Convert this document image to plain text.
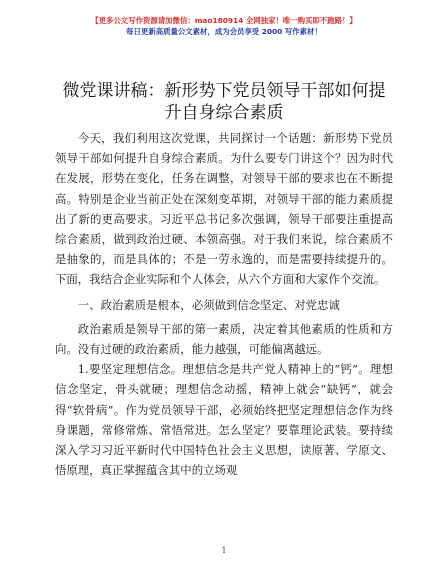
【更多公文写作资源请加微信：mao180914 全网独家！唯一购买即不跑路！】
每日更新高质量公文素材，成为会员享受 2000 写作素材！
微党课讲稿：新形势下党员领导干部如何提升自身综合素质

今天，我们利用这次党课，共同探讨一个话题：新形势下党员领导干部如何提升自身综合素质。为什么要专门讲这个？因为时代在发展，形势在变化，任务在调整，对领导干部的要求也在不断提高。特别是企业当前正处在深刻变革期，对领导干部的能力素质提出了新的更高要求。习近平总书记多次强调，领导干部要注重提高综合素质，做到政治过硬、本领高强。对于我们来说，综合素质不是抽象的，而是具体的；不是一劳永逸的，而是需要持续提升的。下面，我结合企业实际和个人体会，从六个方面和大家作个交流。

一、政治素质是根本，必须做到信念坚定、对党忠诚

政治素质是领导干部的第一素质，决定着其他素质的性质和方向。没有过硬的政治素质，能力越强，可能偏离越远。

1.要坚定理想信念。理想信念是共产党人精神上的“钙”。理想信念坚定，骨头就硬；理想信念动摇，精神上就会“缺钙”，就会得“软骨病”。作为党员领导干部，必须始终把坚定理想信念作为终身课题，常修常炼、常悟常进。怎么坚定？要靠理论武装。要持续深入学习习近平新时代中国特色社会主义思想，读原著、学原文、悟原理，真正掌握蕴含其中的立场观

1
